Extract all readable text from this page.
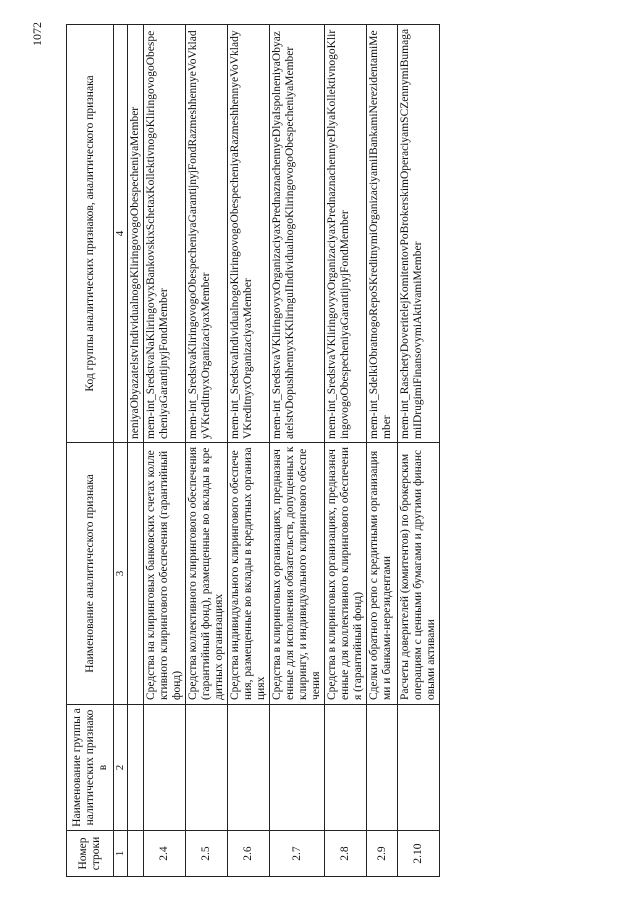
1072
Номер строки	Наименование группы аналитических признаков	Наименование аналитического признака	Код группы аналитических признаков, аналитического признака
1	2	3	4
			neniyaObyazatelstvIndividualnogoKliringovogoObespecheniyaMember
2.4		Средства на клиринговых банковских счетах коллективного клирингового обеспечения (гарантийный фонд)	mem-int_SredstvaNaKliringovyxBankovskixSchetaxKollektivnogoKliringovogoObespecheniyaGarantijnyjFondMember
2.5		Средства коллективного клирингового обеспечения (гарантийный фонд), размещенные во вклады в кредитных организациях	mem-int_SredstvaKliringovogoObespecheniyaGarantijnyjFondRazmeshhennyeVoVkladyVKreditnyxOrganizaciyaxMember
2.6		Средства индивидуального клирингового обеспечения, размещенные во вклады в кредитных организациях	mem-int_SredstvaIndividualnogoKliringovogoObespecheniyaRazmeshhennyeVoVkladyVKreditnyxOrganizaciyaxMember
2.7		Средства в клиринговых организациях, предназначенные для исполнения обязательств, допущенных к клирингу, и индивидуального клирингового обеспечения	mem-int_SredstvaVKliringovyxOrganizaciyaxPrednaznachennyeDlyaIspolneniyaObyazatelstvDopushhennyxKKliringuIIndividualnogoKliringovogoObespecheniyaMember
2.8		Средства в клиринговых организациях, предназначенные для коллективного клирингового обеспечения (гарантийный фонд)	mem-int_SredstvaVKliringovyxOrganizaciyaxPrednaznachennyeDlyaKollektivnogoKliringovogoObespecheniyaGarantijnyjFondMember
2.9		Сделки обратного репо с кредитными организациями и банками-нерезидентами	mem-int_SdelkiObratnogoRepoSKreditnymiOrganizaciyamiIBankamiNerezidentamiMember
2.10		Расчеты доверителей (комитентов) по брокерским операциям с ценными бумагами и другими финансовыми активами	mem-int_RaschetyDoveritelejKomitentovPoBrokerskimOperaciyamSCZennymiBumagamiIDrugimiFinansovymiAktivamiMember
